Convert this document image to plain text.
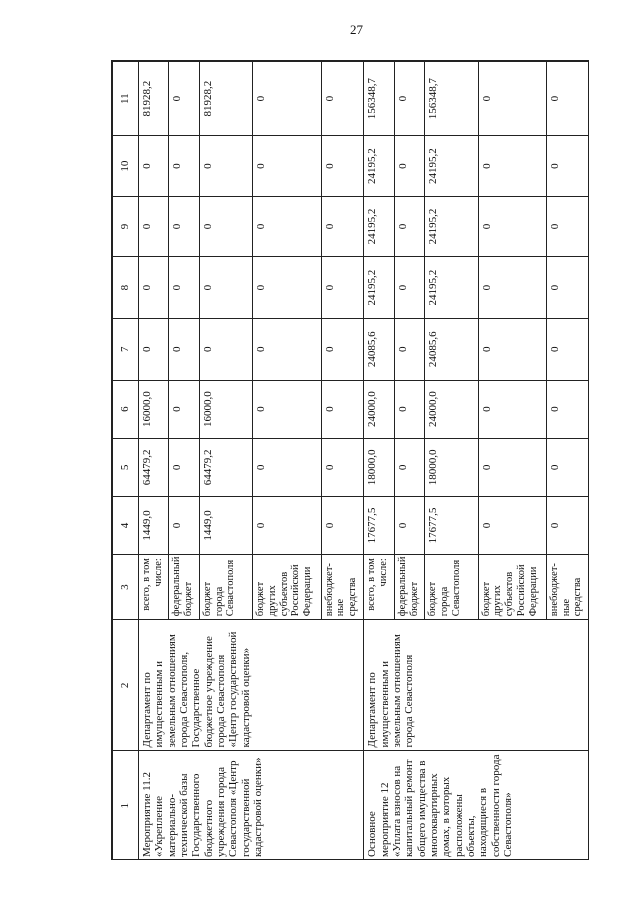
27
1	2	3	4	5	6	7	8	9	10	11
Мероприятие 11.2 «Укрепление материально-технической базы Государственного бюджетного учреждения города Севастополя «Центр государственной кадастровой оценки»	Департамент по имущественным и земельным отношениям города Севастополя, Государственное бюджетное учреждение города Севастополя «Центр государственной кадастровой оценки»	всего, в том числе:	1449,0	64479,2	16000,0	0	0	0	0	81928,2
		федеральный бюджет	0	0	0	0	0	0	0	0
		бюджет города Севастополя	1449,0	64479,2	16000,0	0	0	0	0	81928,2
		бюджет других субъектов Российской Федерации	0	0	0	0	0	0	0	0
		внебюджет-ные средства	0	0	0	0	0	0	0	0
Основное мероприятие 12 «Уплата взносов на капитальный ремонт общего имущества в многоквартирных домах, в которых расположены объекты, находящиеся в собственности города Севастополя»	Департамент по имущественным и земельным отношениям города Севастополя	всего, в том числе:	17677,5	18000,0	24000,0	24085,6	24195,2	24195,2	24195,2	156348,7
		федеральный бюджет	0	0	0	0	0	0	0	0
		бюджет города Севастополя	17677,5	18000,0	24000,0	24085,6	24195,2	24195,2	24195,2	156348,7
		бюджет других субъектов Российской Федерации	0	0	0	0	0	0	0	0
		внебюджет-ные средства	0	0	0	0	0	0	0	0
